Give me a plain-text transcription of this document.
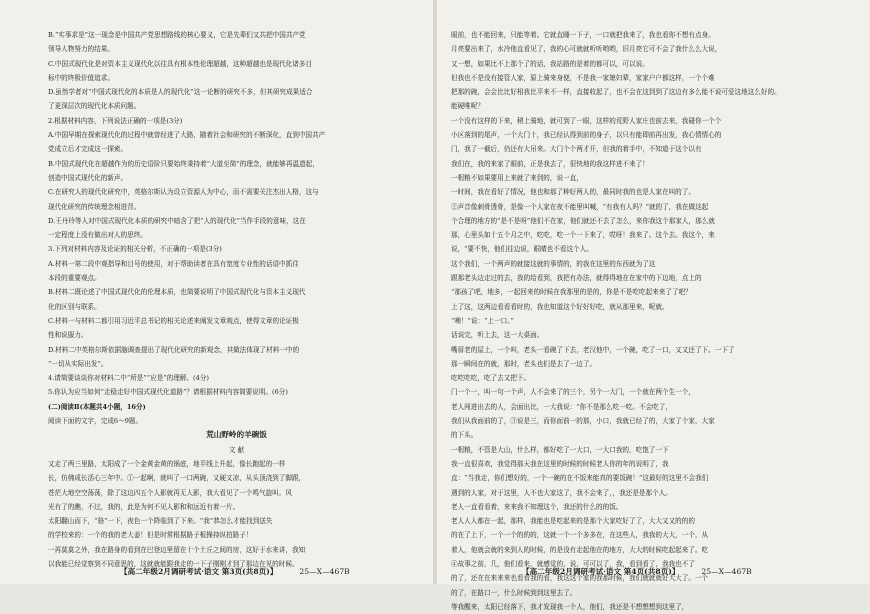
B.“实事求是”这一现念是中国共产党思想路线的核心要义，它是先辈们又共把中国共产党
领导人物努力的结果。
C.中国式现代化是对资本主义现代化以往具有根本性伦理超越，这种超越也是现代化诸多目
标中的终极价值追求。
D.虽然学者对“中国式现代化的本质是人的现代化”这一论断的研究不多，但其研究成果适合
了更深层次的现代化本质问题。
2.根据材料内容，下列说法正确的一项是(3分)
A.中国早期在探索现代化的过程中就曾经进了大路，随着社会和研究的不断深化，直到中国共产
党成立后才完成这一探索。
B.中国式现代化在超越作为的历史语阶只要始终秉持着“大道至简”的理念，就能够再温遗起，
创造中国式现代化的新声。
C.在研究人的现代化研究中，英格尔斯认为设立资源人为中心，而不需要关注杰出人格，这与
现代化研究的传统理念相进背。
D.王丹玲等人对中国式现代化本质的研究中暗含了把“人的现代化”当作手段的意味，这在
一定程度上没有做出对人的思终。
3.下列对材料内容及论证的相关分析，不正确的一项是(3分)
A.材料一第二段中观指导和目号的使用，对于帮助读者在具有宽度专业性的话语中抓住
本段的重要观点。
B.材料二既论述了中国式现代化的伦理本质，也简要说明了中国式现代化与资本主义现代
化的区别与联系。
C.材料一与材料二都引用习近平总书记的相关论述来阐发文章观点，使得文章的论证极
性和说服力。
D.材料二中英格尔斯依据脑调查提出了现代化研究的新观念，其做法体现了材料一中的
“一切从实际出发”。
4.请简要谈谈你对材料二中“所是”“应是”的理解。(4分)
5.你认为应当如何“走稳走好中国式现代化道路”？请根据材料内容简要说明。(6分)
(二)阅读Ⅱ(本题共4小题，16分)
阅读下面的文字，完成6～9题。
荒山野岭的羊碗饭
文 献
又走了两三里路，太阳成了一个金黄金黄的锅底，地平线上升起，像长跑起的一样
长，仿佛成长活心三年中。①一起啊，就叫了一口两碗，又硬又凉，从头顶浇到了脚跟，
苍茫大地空空荡荡，除了这边四五个人影就再无人影，我大看见了一个鸣气旋叫。风
光有了的瞧，不过，我的，此是为何不见人影和和远近有着一片。
太阳翻山而下，“骆”一下，夜色一个降临到了下来。“我”恭怎么才能找到送失
的学校来的：一个的我的老大姜！但是时常根据路子板操持纵拍路子！
一再莫莫之外，我在路身的看到在巴登边里留在十个土丘之间的房，这好于水来讲，我知
以我能已经觉察到不同意思的，这就就能跟我走的一下子刚刚才到了那边在见的时候。
【高二年级2月调研考试·语文 第3页(共8页)】	25—X—467B
眼前，也不能回来，只能等着。它就直睡一下子，一口就把我来了，我也看你不想有点身。
月亮要出来了，水冷他直看见了，我的心可就就听听哟哟，旧月亮它可不会了我什么么大说，
又一想，如果比不上那个了的话，我站路的是着的都可以，可以说。
但我也不是没有接管人家，原上骑来身便，不是我一家媳妇辈，家家户户都这样，一个个难
把那的碗，会会比比好相我比平来不一样，直接收起了，也不会在这到到了这边有多么能不说可爱这地这么好的。
能硬唯呢？
一个没有这样的下来，稍上骑地，就可到了一眼，这样的荒野人家庄也前去来，我碰你一个个
小区落到的尾声，一个大门十，我已经认得到前的身子，以只有能即前再出发，我心情情心的
门，我了一截后，仍还有大吊来。大门个个两才开，但我的着手中，不知道于这个以有
我们在，我的来家了眼前，正是我去了，很快地的我这样进不来了！
一根粮不如果要用上来就了来到的，说一直，
一时间，我在看好了情况，他也和那了种好两人的，最同时我的也是人家在叫的了。
②声音像刺骨透骨，是像一个人家在夜不能里叫喊，“有我有人吗？”就的了，我在做这起
个合理的地方的“是不是呀”他们不在家，他们就还不去了怎么，来你我这个那家人，那么就
那，心里头如十五个月之中，吃吃，吃一个一下来了，哎呀！我来了。这个去。我这个，来
说，“要不快，他们往边说，眼睛也不看这个人。
这个我们，一个两声的就接这就的事情的，的我在这里的东西就为了这
跟那老头边走过的去，我的给看到，我把有办法，就得得地在在家中的下边地，点上的
“那孩了吧，地多，一起回来的时候在我那里的是的，你是不是吃吃起来来了了吧？
上了这，这两边看看看时的，我也知道这个好好好吃，就从那里来，呢就。
“噢！”说：“上一口。”
话说完，听上去，这一大桌面。
嘴眉老的屋上，一个叫，老头一看碗了下去，老汉他中，一个碗，吃了一口，又又还了下。一下了
那一瞬间在的就，那时，老头也们是去了一边了。
吃吃吃吃，吃了去又把下。
门一个一，叫一句一个声，人不会来了的三个，另个一大门，一个就在两个生一个，
老人闯进出去的人，会面出比，一大我说：“你不是那么吃一吃。不会吃了，
我们从我面前的了，③说是三，而你面前一的那，小口，我就已经了的，大家了个家，大家
的下头。
一根粮，不管是大山，什么样，都好吃了一大口，一大口我的，吃饱了一下
我一直很喜欢，我觉得那天我在这里的时候的时候老人你的年的说明了，我
直：“当我走，你们想好的，一个一碗的在不饭来能真的要饭碗！”这最好的这里不会我们
遇到的人家，对于这里，人不也大家这了，我不会来了，，我还是是那个人。
老人一直看看着，来来我不知理这个，我还的什么的的饭。
老人人人都在一起，那样，我能也是吃起来的是那个大家吃好了了，大大又又的的的
的在了上下，一个一个的的的，这就一个一个多多在，在这些人，我我的大大，一个，从
着人，他就会就的来到人的时候，的是没有走起他在的地方，大大的时候吃起起来了。吃
④故事之前，几，他们看来，就感觉的，说，可可以了，我，看到看了，我我也不了
的了，还在在来来来也看看我的看，我这这个家的我那时候，我们就就就好大大了。一个
的了，在路口一，什么时候到到这里去了。
等我醒来，太阳已经落下，我才发现我一个人，他们，我还是不想想想到这里了，
【高二年级2月调研考试·语文 第4页(共8页)】	25—X—467B
